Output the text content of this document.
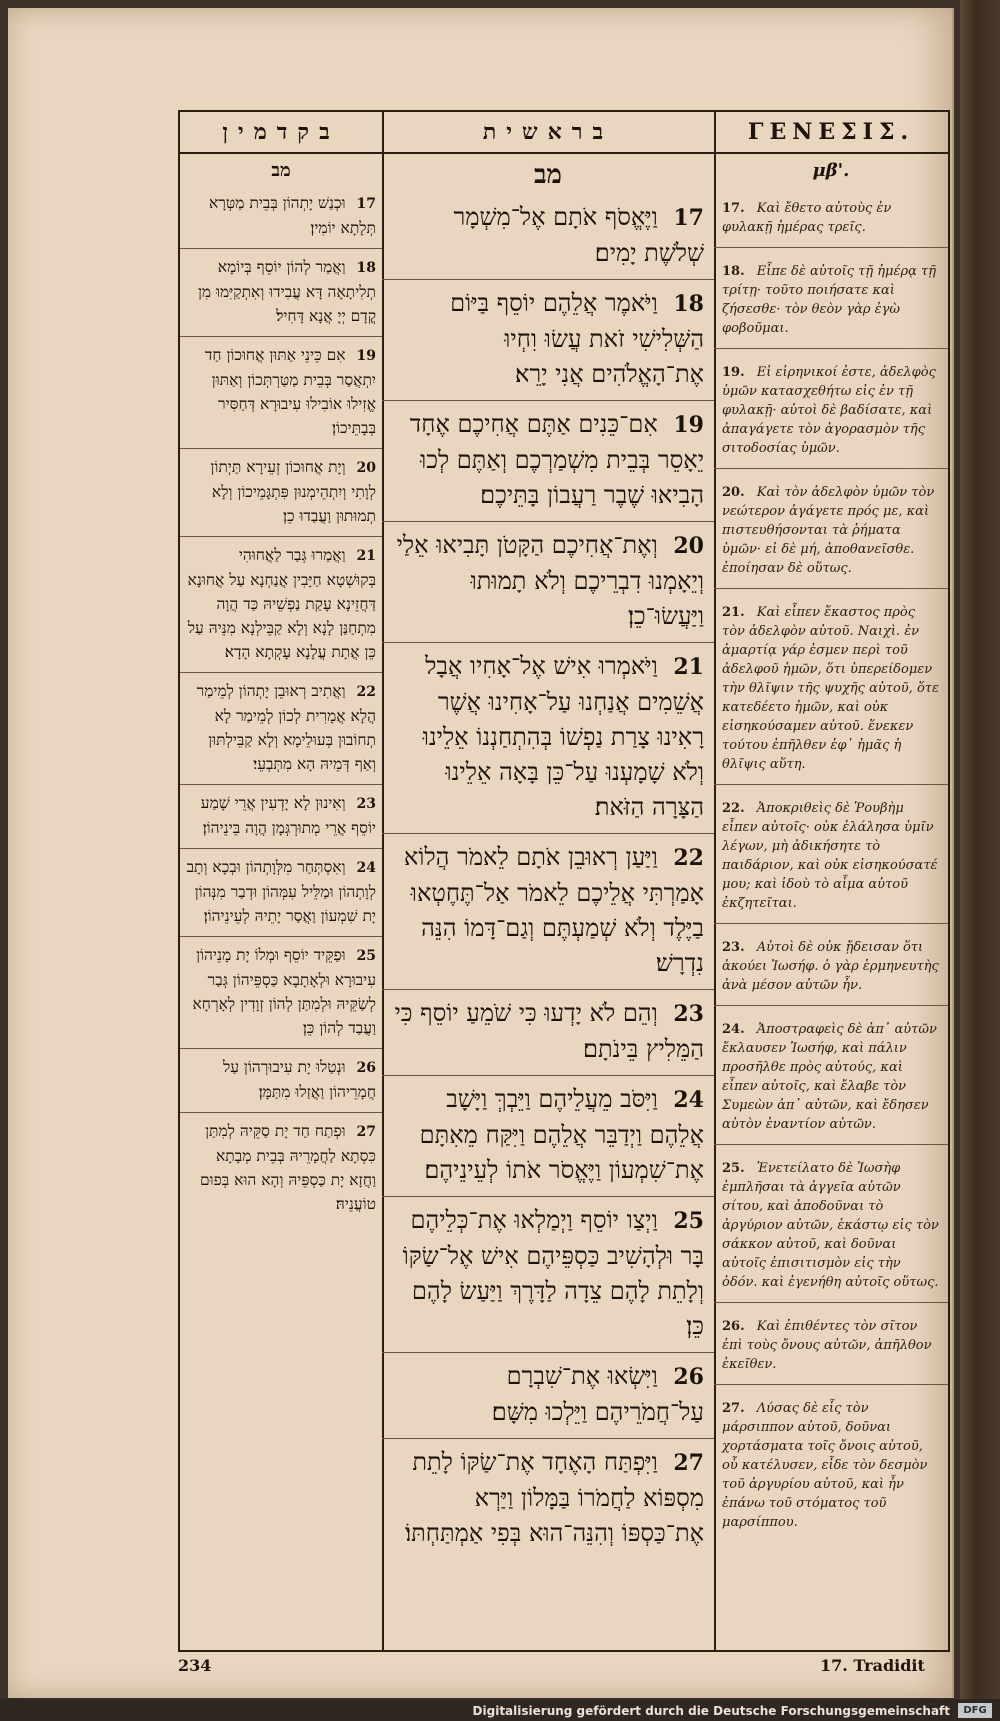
בקדמין
מב
17 וּכְנַשׁ יָתְהוֹן בְּבֵית מַטְּרָא תְּלָתָא יוֹמִין׃
18 וַאֲמַר לְהוֹן יוֹסֵף בְּיוֹמָא תְלִיתָאָה דָּא עֲבִידוּ וְאִתְקַיִּמוּ מִן קֳדָם יְיָ אֲנָא דָּחִיל׃
19 אִם כֵּינֵי אַתּוּן אֲחוּכוֹן חַד יִתְאֲסַר בְּבֵית מַטַּרְתְּכוֹן וְאַתּוּן אֱזִילוּ אוֹבִילוּ עִיבוּרָא דְּחַסִּיר בְּבָתֵּיכוֹן׃
20 וְיָת אֲחוּכוֹן זְעֵירָא תַּיְתוֹן לְוָתִי וְיִתְהֵימְנוּן פִּתְגָּמֵיכוֹן וְלָא תְמוּתוּן וַעֲבַדוּ כֵן׃
21 וַאֲמַרוּ גְּבַר לַאֲחוּהִי בְּקוּשְׁטָא חַיָּבִין אֲנַחְנָא עַל אֲחוּנָא דַּחֲזֵינָא עָקַת נַפְשֵׁיהּ כַּד הֲוָה מִתְחַנַּן לָנָא וְלָא קַבֵּילְנָא מִנֵּיהּ עַל כֵּן אֲתָת עֲלָנָא עָקְתָא הָדָא׃
22 וַאֲתִיב רְאוּבֵן יָתְהוֹן לְמֵימַר הֲלָא אֲמָרִית לְכוֹן לְמֵימַר לָא תְחוֹבוּן בְּעוּלֵימָא וְלָא קַבֵּילְתּוּן וְאַף דְּמֵיהּ הָא מִתְּבְעֵי׃
23 וְאִינוּן לָא יָדְעִין אֲרֵי שָׁמַע יוֹסֵף אֲרֵי מְתוּרְגְּמָן הֲוָה בֵּינֵיהוֹן׃
24 וְאִסְתְּחַר מִלְּוָתְהוֹן וּבְכָא וְתָב לְוָתְהוֹן וּמַלֵּיל עִמְּהוֹן וּדְבַר מִנְּהוֹן יָת שִׁמְעוֹן וַאֲסַר יָתֵיהּ לְעֵינֵיהוֹן׃
25 וּפַקֵּיד יוֹסֵף וּמְלוֹ יָת מָנֵיהוֹן עִיבוּרָא וּלְאָתָבָא כַּסְפֵּיהוֹן גְּבַר לְשַׂקֵּיהּ וּלְמִתַּן לְהוֹן זְוָדִין לְאָרְחָא וַעֲבַד לְהוֹן כֵּן׃
26 וּנְטַלוּ יָת עִיבוּרְהוֹן עַל חֲמָרֵיהוֹן וַאֲזַלוּ מִתַּמָּן׃
27 וּפְתַח חַד יָת סַקֵּיהּ לְמִתַּן כִּסְתָא לַחֲמָרֵיהּ בְּבֵית מְבָתָא וַחֲזָא יָת כַּסְפֵּיהּ וְהָא הוּא בְּפוּם טוֹעֲנֵיהּ׃
בראשית
מב
17 וַיֶּאֱסֹף אֹתָם אֶל־מִשְׁמָר שְׁלֹשֶׁת יָמִים׃
18 וַיֹּאמֶר אֲלֵהֶם יוֹסֵף בַּיּוֹם הַשְּׁלִישִׁי זֹאת עֲשׂוּ וִחְיוּ אֶת־הָאֱלֹהִים אֲנִי יָרֵא׃
19 אִם־כֵּנִים אַתֶּם אֲחִיכֶם אֶחָד יֵאָסֵר בְּבֵית מִשְׁמַרְכֶם וְאַתֶּם לְכוּ הָבִיאוּ שֶׁבֶר רַעֲבוֹן בָּתֵּיכֶם׃
20 וְאֶת־אֲחִיכֶם הַקָּטֹן תָּבִיאוּ אֵלַי וְיֵאָמְנוּ דִבְרֵיכֶם וְלֹא תָמוּתוּ וַיַּעֲשׂוּ־כֵן׃
21 וַיֹּאמְרוּ אִישׁ אֶל־אָחִיו אֲבָל אֲשֵׁמִים אֲנַחְנוּ עַל־אָחִינוּ אֲשֶׁר רָאִינוּ צָרַת נַפְשׁוֹ בְּהִתְחַנְנוֹ אֵלֵינוּ וְלֹא שָׁמָעְנוּ עַל־כֵּן בָּאָה אֵלֵינוּ הַצָּרָה הַזֹּאת׃
22 וַיַּעַן רְאוּבֵן אֹתָם לֵאמֹר הֲלוֹא אָמַרְתִּי אֲלֵיכֶם לֵאמֹר אַל־תֶּחֶטְאוּ בַיֶּלֶד וְלֹא שְׁמַעְתֶּם וְגַם־דָּמוֹ הִנֵּה נִדְרָשׁ׃
23 וְהֵם לֹא יָדְעוּ כִּי שֹׁמֵעַ יוֹסֵף כִּי הַמֵּלִיץ בֵּינֹתָם׃
24 וַיִּסֹּב מֵעֲלֵיהֶם וַיֵּבְךְּ וַיָּשָׁב אֲלֵהֶם וַיְדַבֵּר אֲלֵהֶם וַיִּקַּח מֵאִתָּם אֶת־שִׁמְעוֹן וַיֶּאֱסֹר אֹתוֹ לְעֵינֵיהֶם׃
25 וַיְצַו יוֹסֵף וַיְמַלְאוּ אֶת־כְּלֵיהֶם בָּר וּלְהָשִׁיב כַּסְפֵּיהֶם אִישׁ אֶל־שַׂקּוֹ וְלָתֵת לָהֶם צֵדָה לַדָּרֶךְ וַיַּעַשׂ לָהֶם כֵּן׃
26 וַיִּשְׂאוּ אֶת־שִׁבְרָם עַל־חֲמֹרֵיהֶם וַיֵּלְכוּ מִשָּׁם׃
27 וַיִּפְתַּח הָאֶחָד אֶת־שַׂקּוֹ לָתֵת מִסְפּוֹא לַחֲמֹרוֹ בַּמָּלוֹן וַיַּרְא אֶת־כַּסְפּוֹ וְהִנֵּה־הוּא בְּפִי אַמְתַּחְתּוֹ׃
ΓΕΝΕΣΙΣ.
μβ'.
17. Καὶ ἔθετο αὐτοὺς ἐν φυλακῇ ἡμέρας τρεῖς.
18. Εἶπε δὲ αὐτοῖς τῇ ἡμέρᾳ τῇ τρίτῃ· τοῦτο ποιήσατε καὶ ζήσεσθε· τὸν θεὸν γὰρ ἐγὼ φοβοῦμαι.
19. Εἰ εἰρηνικοί ἐστε, ἀδελφὸς ὑμῶν κατασχεθήτω εἰς ἐν τῇ φυλακῇ· αὐτοὶ δὲ βαδίσατε, καὶ ἀπαγάγετε τὸν ἀγορασμὸν τῆς σιτοδοσίας ὑμῶν.
20. Καὶ τὸν ἀδελφὸν ὑμῶν τὸν νεώτερον ἀγάγετε πρός με, καὶ πιστευθήσονται τὰ ῥήματα ὑμῶν· εἰ δὲ μή, ἀποθανεῖσθε. ἐποίησαν δὲ οὕτως.
21. Καὶ εἶπεν ἕκαστος πρὸς τὸν ἀδελφὸν αὐτοῦ. Ναιχὶ. ἐν ἁμαρτίᾳ γάρ ἐσμεν περὶ τοῦ ἀδελφοῦ ἡμῶν, ὅτι ὑπερείδομεν τὴν θλῖψιν τῆς ψυχῆς αὐτοῦ, ὅτε κατεδέετο ἡμῶν, καὶ οὐκ εἰσηκούσαμεν αὐτοῦ. ἕνεκεν τούτου ἐπῆλθεν ἐφ᾽ ἡμᾶς ἡ θλῖψις αὕτη.
22. Ἀποκριθεὶς δὲ Ῥουβὴμ εἶπεν αὐτοῖς· οὐκ ἐλάλησα ὑμῖν λέγων, μὴ ἀδικήσητε τὸ παιδάριον, καὶ οὐκ εἰσηκούσατέ μου; καὶ ἰδοὺ τὸ αἷμα αὐτοῦ ἐκζητεῖται.
23. Αὐτοὶ δὲ οὐκ ᾔδεισαν ὅτι ἀκούει Ἰωσήφ. ὁ γὰρ ἑρμηνευτὴς ἀνὰ μέσον αὐτῶν ἦν.
24. Ἀποστραφεὶς δὲ ἀπ᾽ αὐτῶν ἔκλαυσεν Ἰωσήφ, καὶ πάλιν προσῆλθε πρὸς αὐτούς, καὶ εἶπεν αὐτοῖς, καὶ ἔλαβε τὸν Συμεὼν ἀπ᾽ αὐτῶν, καὶ ἔδησεν αὐτὸν ἐναντίον αὐτῶν.
25. Ἐνετείλατο δὲ Ἰωσὴφ ἐμπλῆσαι τὰ ἀγγεῖα αὐτῶν σίτου, καὶ ἀποδοῦναι τὸ ἀργύριον αὐτῶν, ἑκάστῳ εἰς τὸν σάκκον αὐτοῦ, καὶ δοῦναι αὐτοῖς ἐπισιτισμὸν εἰς τὴν ὁδόν. καὶ ἐγενήθη αὐτοῖς οὕτως.
26. Καὶ ἐπιθέντες τὸν σῖτον ἐπὶ τοὺς ὄνους αὐτῶν, ἀπῆλθον ἐκεῖθεν.
27. Λύσας δὲ εἷς τὸν μάρσιππον αὐτοῦ, δοῦναι χορτάσματα τοῖς ὄνοις αὐτοῦ, οὗ κατέλυσεν, εἶδε τὸν δεσμὸν τοῦ ἀργυρίου αὐτοῦ, καὶ ἦν ἐπάνω τοῦ στόματος τοῦ μαρσίππου.
234	17. Tradidit
Digitalisierung gefördert durch die Deutsche Forschungsgemeinschaft	DFG
